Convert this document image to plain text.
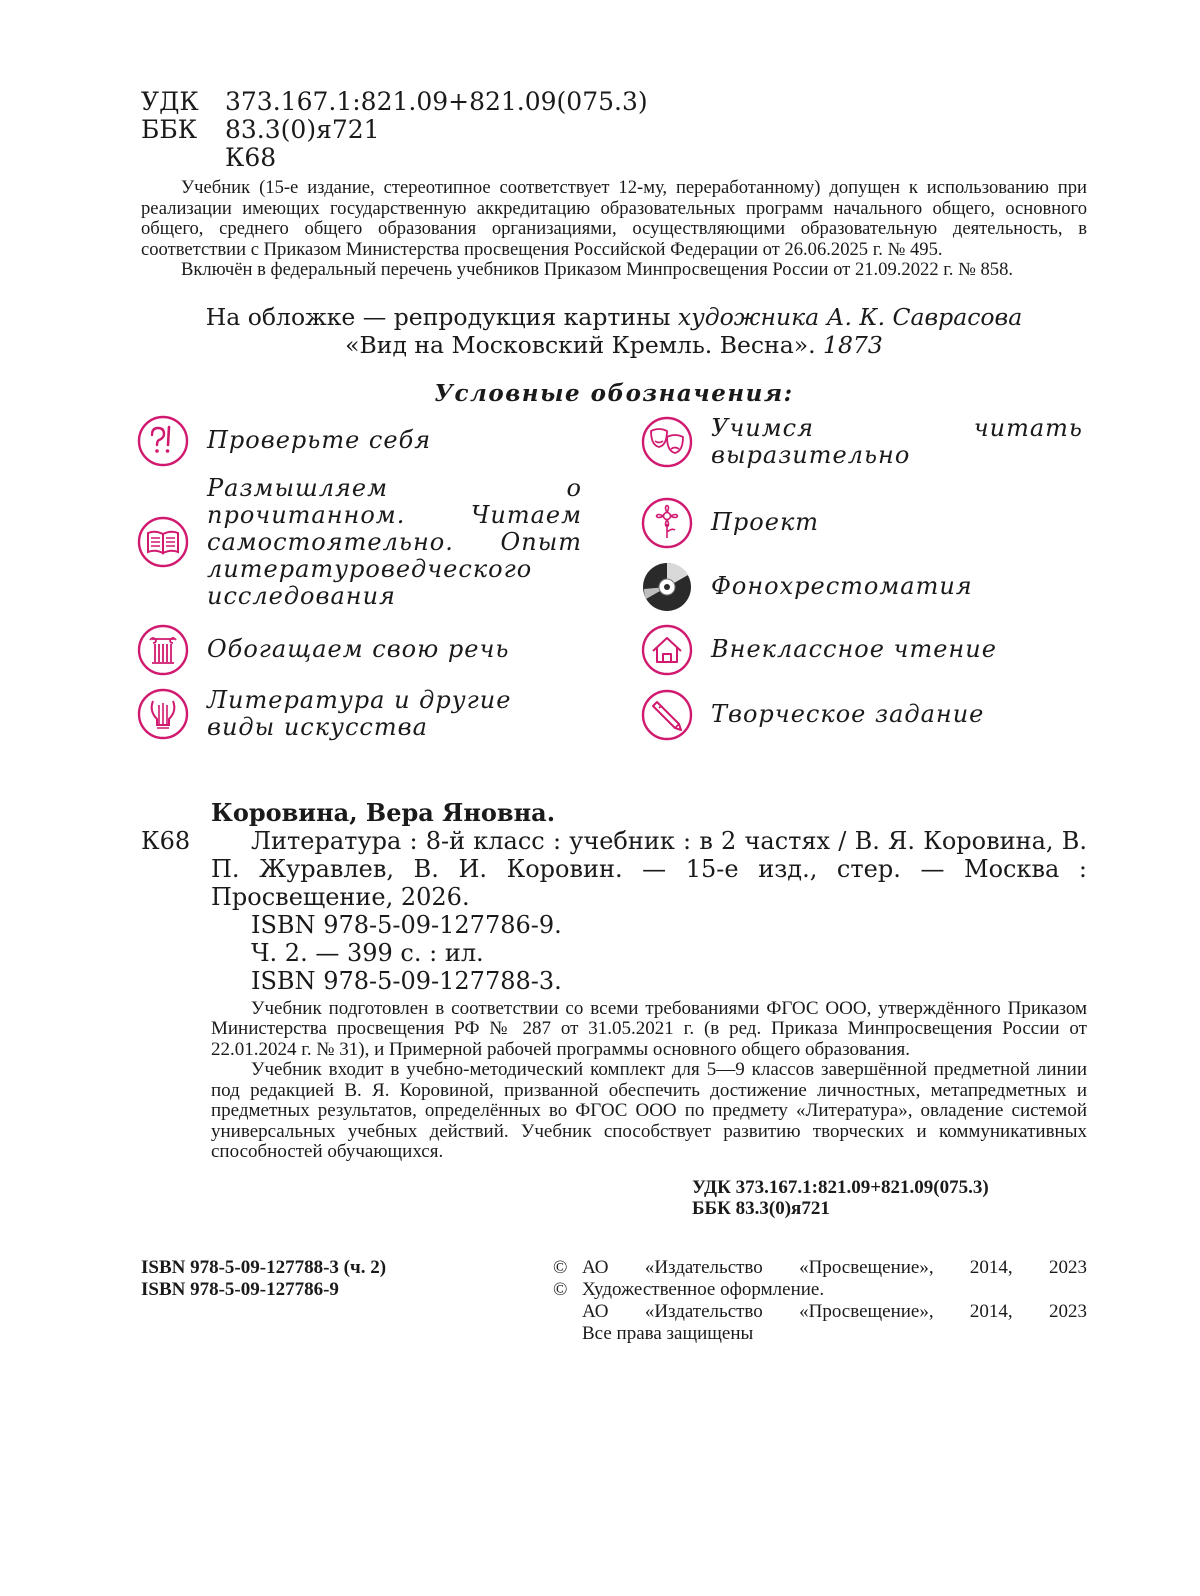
УДК	373.167.1:821.09+821.09(075.3)
ББК	83.3(0)я721
К68

Учебник (15-е издание, стереотипное соответствует 12-му, переработанному) допущен к использованию при реализации имеющих государственную аккредитацию образовательных программ начального общего, основного общего, среднего общего образования организациями, осуществляющими образовательную деятельность, в соответствии с Приказом Министерства просвещения Российской Федерации от 26.06.2025 г. № 495.

Включён в федеральный перечень учебников Приказом Минпросвещения России от 21.09.2022 г. № 858.

На обложке — репродукция картины художника А. К. Саврасова
«Вид на Московский Кремль. Весна». 1873
Условные обозначения:
Проверьте себя
Размышляем о прочитанном. Читаем самостоятельно. Опыт литературоведческого исследования
Обогащаем свою речь
Литература и другие виды искусства
Учимся читать выразительно
Проект
Фонохрестоматия
Внеклассное чтение
Творческое задание
Коровина, Вера Яновна.
К68	Литература : 8-й класс : учебник : в 2 частях / В. Я. Коровина, В. П. Журавлев, В. И. Коровин. — 15-е изд., стер. — Москва : Просвещение, 2026.
ISBN 978-5-09-127786-9.
Ч. 2. — 399 с. : ил.
ISBN 978-5-09-127788-3.

Учебник подготовлен в соответствии со всеми требованиями ФГОС ООО, утверждённого Приказом Министерства просвещения РФ № 287 от 31.05.2021 г. (в ред. Приказа Минпросвещения России от 22.01.2024 г. № 31), и Примерной рабочей программы основного общего образования.

Учебник входит в учебно-методический комплект для 5—9 классов завершённой предметной линии под редакцией В. Я. Коровиной, призванной обеспечить достижение личностных, метапредметных и предметных результатов, определённых во ФГОС ООО по предмету «Литература», овладение системой универсальных учебных действий. Учебник способствует развитию творческих и коммуникативных способностей обучающихся.

УДК 373.167.1:821.09+821.09(075.3)
ББК 83.3(0)я721
ISBN 978-5-09-127788-3 (ч. 2)
ISBN 978-5-09-127786-9
© АО «Издательство «Просвещение», 2014, 2023
© Художественное оформление.
АО «Издательство «Просвещение», 2014, 2023
Все права защищены
